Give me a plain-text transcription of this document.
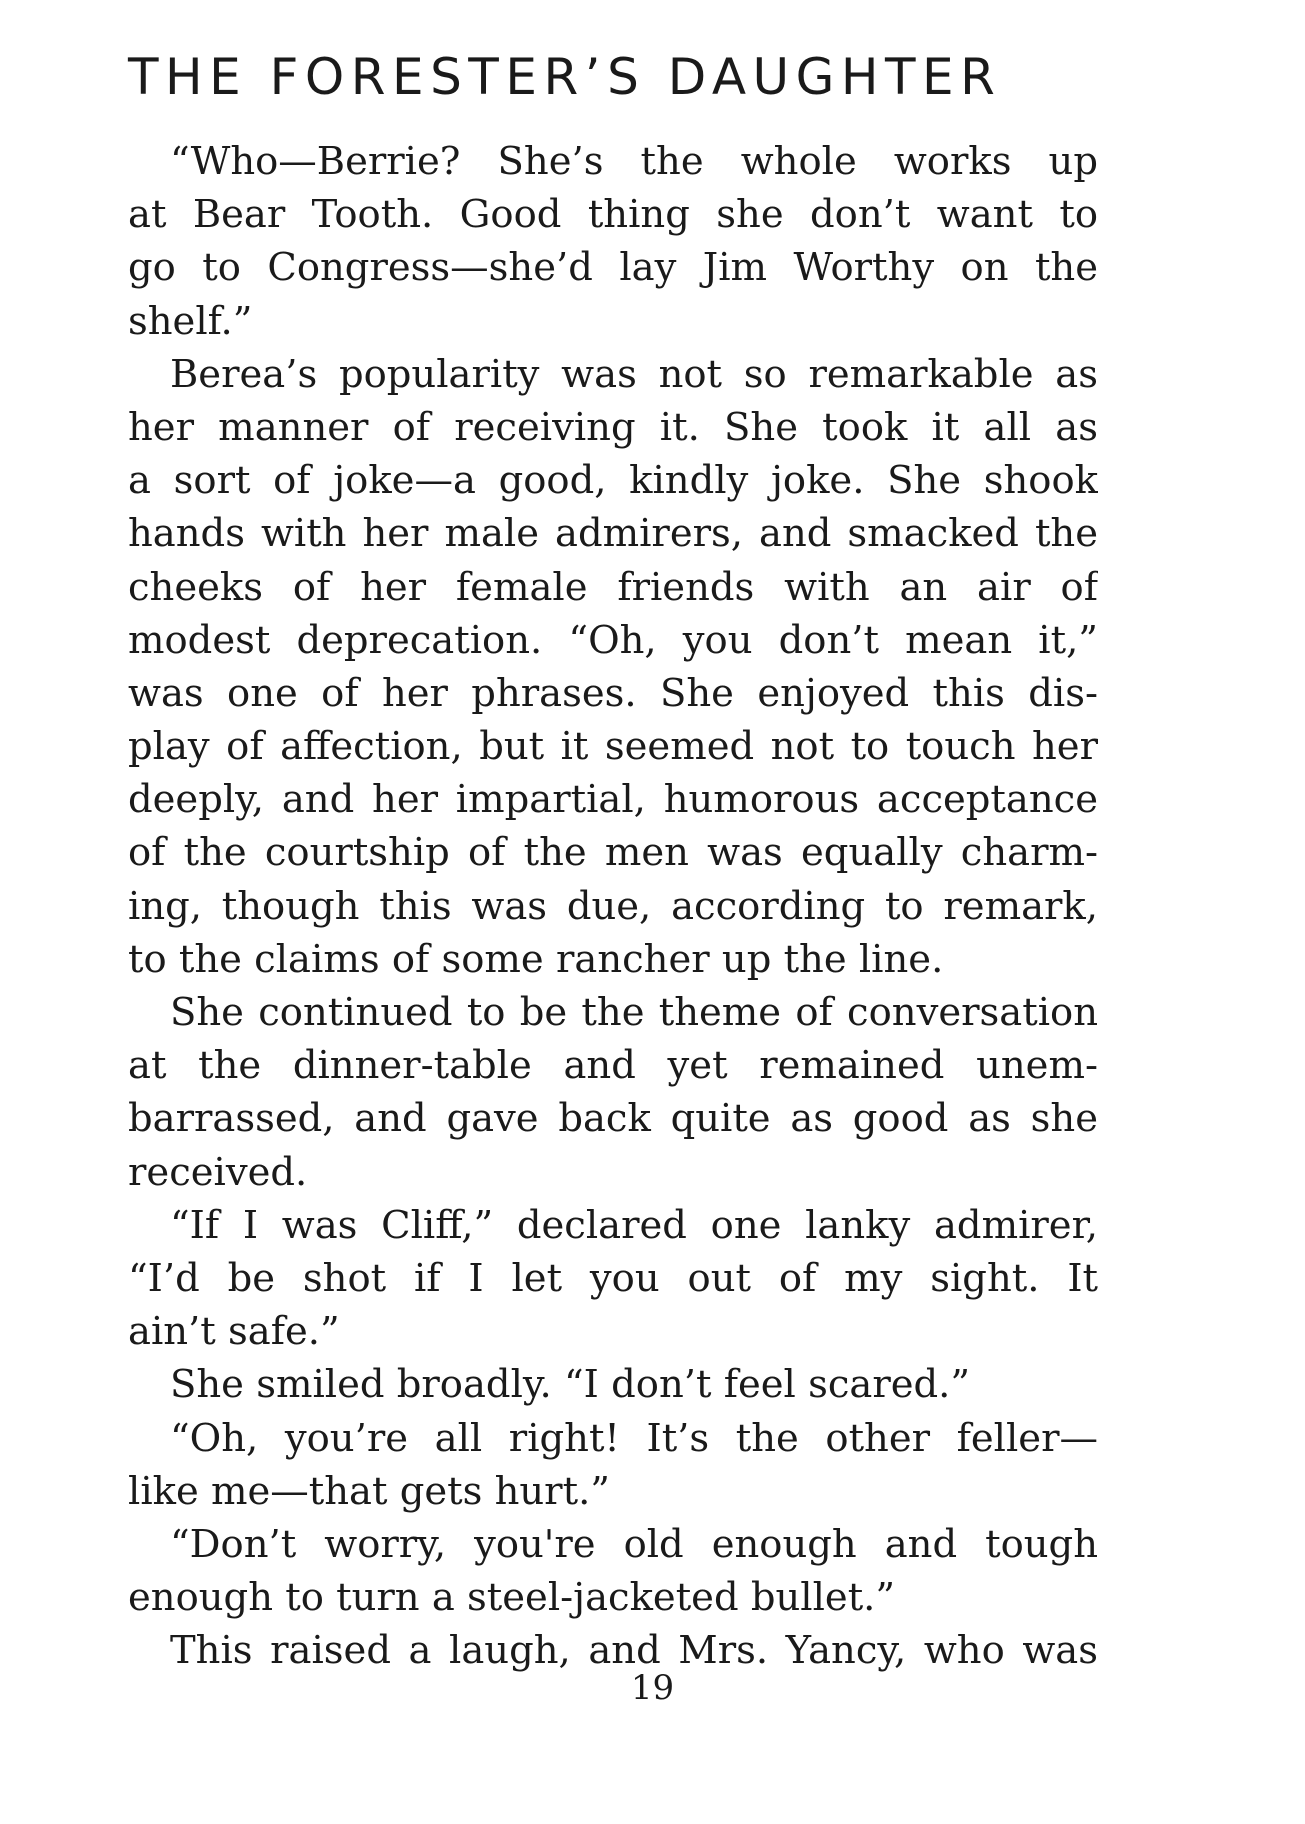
THE FORESTER’S DAUGHTER

“Who—Berrie? She’s the whole works up
at Bear Tooth. Good thing she don’t want to
go to Congress—she’d lay Jim Worthy on the
shelf.”

Berea’s popularity was not so remarkable as
her manner of receiving it. She took it all as
a sort of joke—a good, kindly joke. She shook
hands with her male admirers, and smacked the
cheeks of her female friends with an air of
modest deprecation. “Oh, you don’t mean it,”
was one of her phrases. She enjoyed this dis-
play of affection, but it seemed not to touch her
deeply, and her impartial, humorous acceptance
of the courtship of the men was equally charm-
ing, though this was due, according to remark,
to the claims of some rancher up the line.

She continued to be the theme of conversation
at the dinner-table and yet remained unem-
barrassed, and gave back quite as good as she
received.

“If I was Cliff,” declared one lanky admirer,
“I’d be shot if I let you out of my sight. It
ain’t safe.”

She smiled broadly. “I don’t feel scared.”

“Oh, you’re all right! It’s the other feller—
like me—that gets hurt.”

“Don’t worry, you're old enough and tough
enough to turn a steel-jacketed bullet.”

This raised a laugh, and Mrs. Yancy, who was

19
